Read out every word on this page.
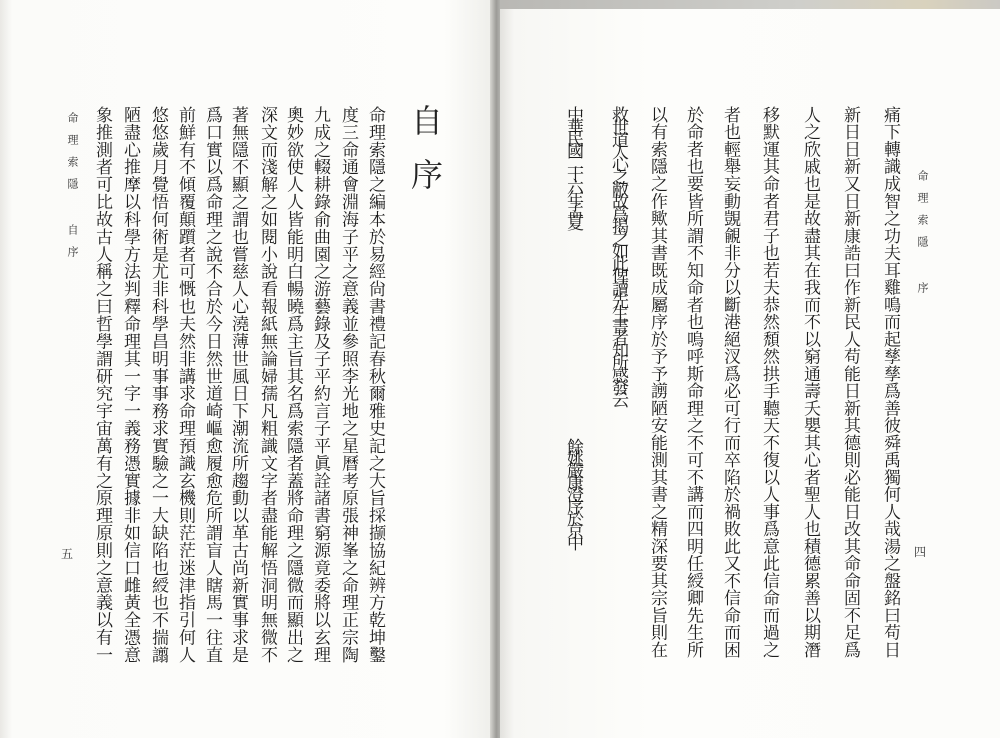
命理索隱 自序
五
自序
命理索隱之編本於易經尙書禮記春秋爾雅史記之大旨採撷協紀辨方乾坤鑿
度三命通會淵海子平之意義並參照李光地之星曆考原張神峯之命理正宗陶
九成之輟耕錄俞曲園之游藝錄及子平約言子平眞詮諸書窮源竟委將以玄理
奧妙欲使人人皆能明白暢曉爲主旨其名爲索隱者蓋將命理之隱微而顯出之
深文而淺解之如閱小說看報紙無論婦孺凡粗識文字者盡能解悟洞明無微不
著無隱不顯之謂也嘗慈人心澆薄世風日下潮流所趨動以革古尚新實事求是
爲口實以爲命理之說不合於今日然世道崎嶇愈履愈危所謂盲人瞎馬一往直
前鮮有不傾覆顛躓者可慨也夫然非講求命理預識玄機則茫茫迷津指引何人
悠悠歲月覺悟何術是尤非科學昌明事事務求實驗之一大缺陷也綬也不揣譾
陋盡心推摩以科學方法判釋命理其一字一義務憑實據非如信口雌黃全憑意
象推測者可比故古人稱之曰哲學謂研究宇宙萬有之原理原則之意義以有一	命理索隱 序
四
痛下轉識成智之功夫耳雞鳴而起孳孳爲善彼舜禹獨何人哉湯之盤銘曰苟日
新日日新又日新康誥曰作新民人苟能日新其德則必能日改其命命固不足爲
人之欣戚也是故盡其在我而不以窮通壽夭嬰其心者聖人也積德累善以期潛
移默運其命者君子也若夫恭然頹然拱手聽天不復以人事爲意此信命而過之
者也輕舉妄動覬覦非分以斷港絕汊爲必可行而卒陷於禍敗此又不信命而困
於命者也要皆所謂不知命者也嗚呼斯命理之不可不講而四明任綬卿先生所
以有索隱之作歟其書既成屬序於予予謭陋安能測其書之精深要其宗旨則在
救世道人心之敝故爲揭之如此俾讀先生書者知所感發云
中華民國二十六年孟夏
餘姚嚴康澄序於京中
